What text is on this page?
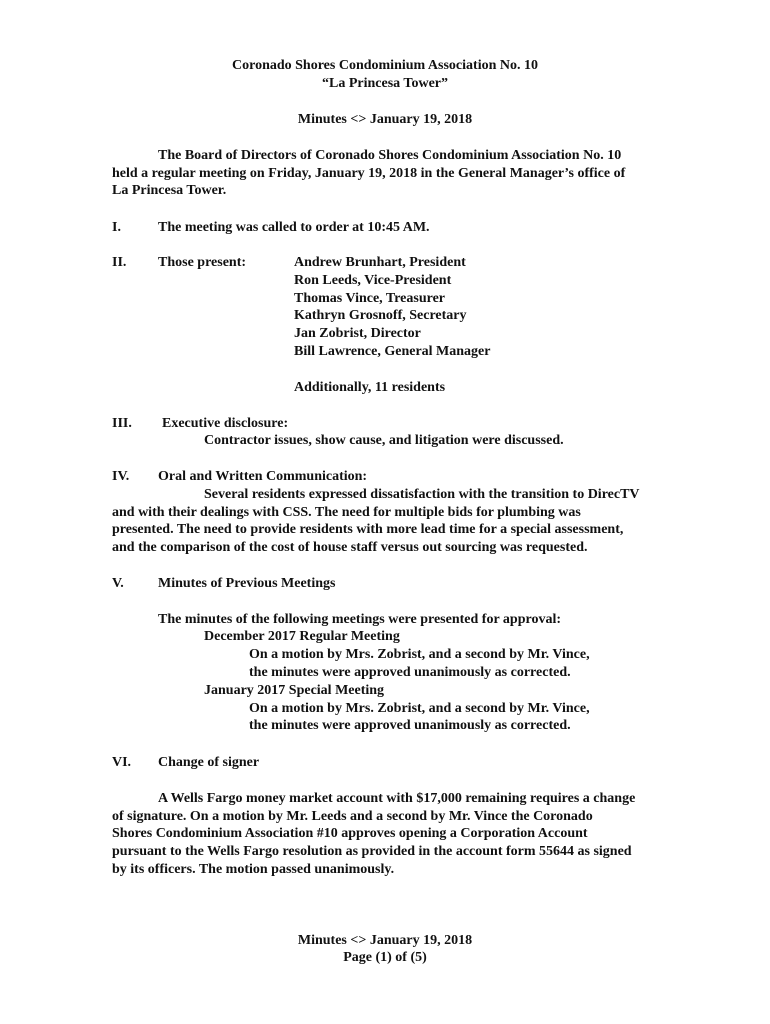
Coronado Shores Condominium Association No. 10
“La Princesa Tower”
Minutes <> January 19, 2018
The Board of Directors of Coronado Shores Condominium Association No. 10
held a regular meeting on Friday, January 19, 2018 in the General Manager’s office of
La Princesa Tower.
I.	The meeting was called to order at 10:45 AM.
II. Those present:	Andrew Brunhart, President
Ron Leeds, Vice-President
Thomas Vince, Treasurer
Kathryn Grosnoff, Secretary
Jan Zobrist, Director
Bill Lawrence, General Manager
Additionally, 11 residents
III. Executive disclosure:
Contractor issues, show cause, and litigation were discussed.
IV. Oral and Written Communication:
Several residents expressed dissatisfaction with the transition to DirecTV
and with their dealings with CSS. The need for multiple bids for plumbing was
presented. The need to provide residents with more lead time for a special assessment,
and the comparison of the cost of house staff versus out sourcing was requested.
V. Minutes of Previous Meetings
The minutes of the following meetings were presented for approval:
December 2017 Regular Meeting
On a motion by Mrs. Zobrist, and a second by Mr. Vince,
the minutes were approved unanimously as corrected.
January 2017 Special Meeting
On a motion by Mrs. Zobrist, and a second by Mr. Vince,
the minutes were approved unanimously as corrected.
VI. Change of signer
A Wells Fargo money market account with $17,000 remaining requires a change
of signature. On a motion by Mr. Leeds and a second by Mr. Vince the Coronado
Shores Condominium Association #10 approves opening a Corporation Account
pursuant to the Wells Fargo resolution as provided in the account form 55644 as signed
by its officers. The motion passed unanimously.
Minutes <> January 19, 2018
Page (1) of (5)
